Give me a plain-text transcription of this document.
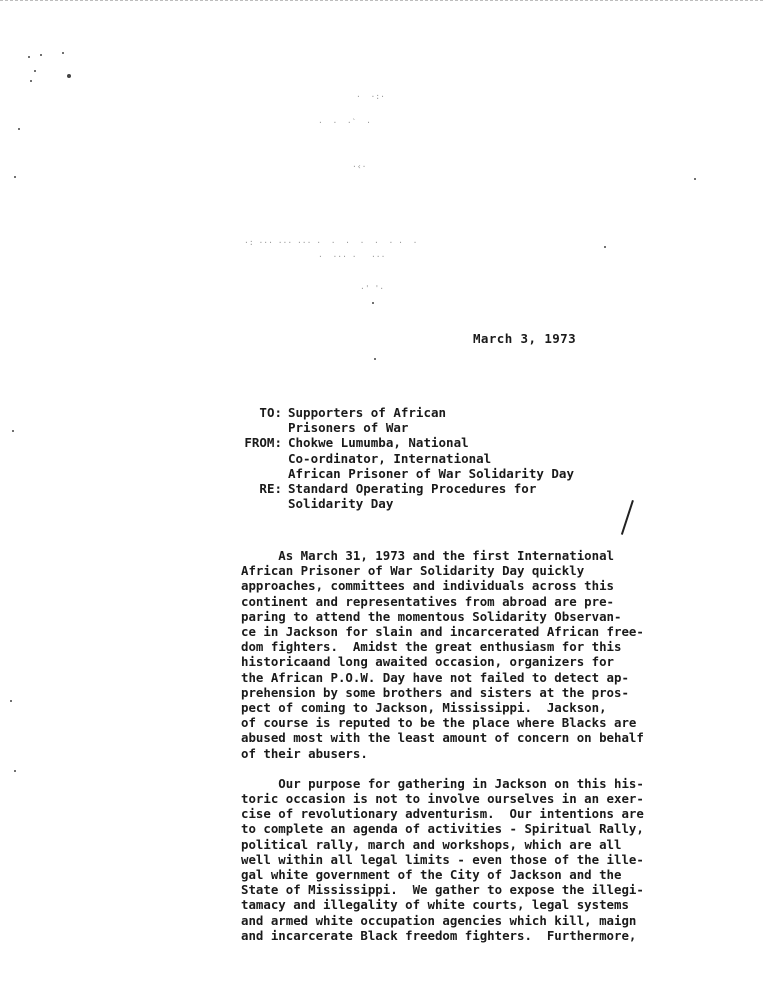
·  ·:·
·  ·  ·`  ·
·‹·
·: ··· ··· ··· ·  ·  ·  ·  ·  · ·  ·
·  ··· ·   ···
·' '·
March 3, 1973
TO: Supporters of African
Prisoners of War
FROM: Chokwe Lumumba, National
Co-ordinator, International
African Prisoner of War Solidarity Day
RE: Standard Operating Procedures for
Solidarity Day
As March 31, 1973 and the first International
African Prisoner of War Solidarity Day quickly
approaches, committees and individuals across this
continent and representatives from abroad are pre-
paring to attend the momentous Solidarity Observan-
ce in Jackson for slain and incarcerated African free-
dom fighters.  Amidst the great enthusiasm for this
historicaand long awaited occasion, organizers for
the African P.O.W. Day have not failed to detect ap-
prehension by some brothers and sisters at the pros-
pect of coming to Jackson, Mississippi.  Jackson,
of course is reputed to be the place where Blacks are
abused most with the least amount of concern on behalf
of their abusers.
Our purpose for gathering in Jackson on this his-
toric occasion is not to involve ourselves in an exer-
cise of revolutionary adventurism.  Our intentions are
to complete an agenda of activities - Spiritual Rally,
political rally, march and workshops, which are all
well within all legal limits - even those of the ille-
gal white government of the City of Jackson and the
State of Mississippi.  We gather to expose the illegi-
tamacy and illegality of white courts, legal systems
and armed white occupation agencies which kill, maign
and incarcerate Black freedom fighters.  Furthermore,
